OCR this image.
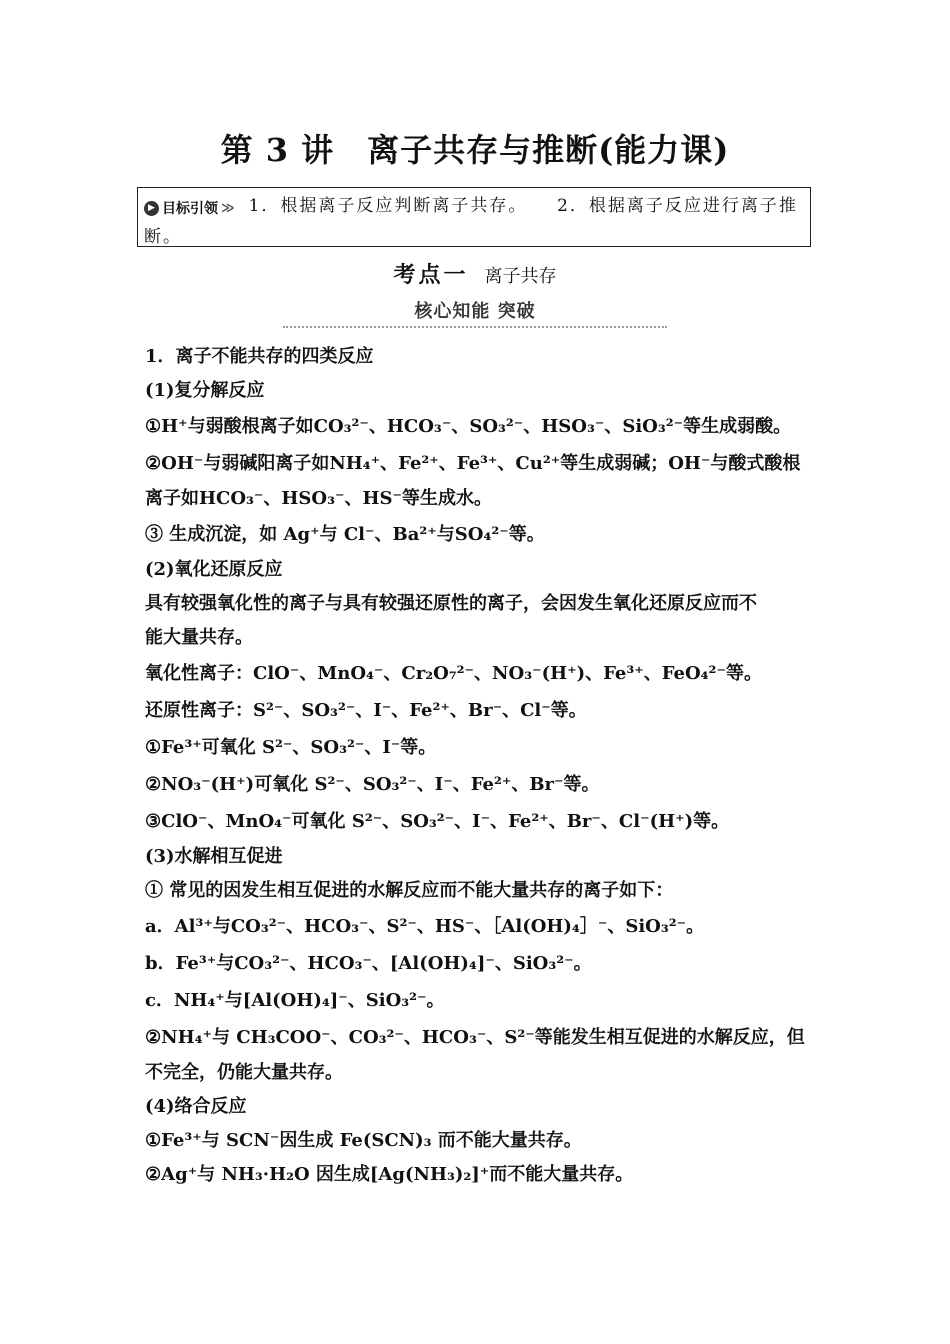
第 3 讲　离子共存与推断(能力课)
▶ 目标引领 ≫ 1．根据离子反应判断离子共存。 2．根据离子反应进行离子推
断。
考点一 离子共存
核心知能 突破
1．离子不能共存的四类反应
(1)复分解反应
①H⁺与弱酸根离子如CO₃²⁻、HCO₃⁻、SO₃²⁻、HSO₃⁻、SiO₃²⁻等生成弱酸。
②OH⁻与弱碱阳离子如NH₄⁺、Fe²⁺、Fe³⁺、Cu²⁺等生成弱碱；OH⁻与酸式酸根
离子如HCO₃⁻、HSO₃⁻、HS⁻等生成水。
③ 生成沉淀，如 Ag⁺与 Cl⁻、Ba²⁺与SO₄²⁻等。
(2)氧化还原反应
具有较强氧化性的离子与具有较强还原性的离子，会因发生氧化还原反应而不
能大量共存。
氧化性离子：ClO⁻、MnO₄⁻、Cr₂O₇²⁻、NO₃⁻(H⁺)、Fe³⁺、FeO₄²⁻等。
还原性离子：S²⁻、SO₃²⁻、I⁻、Fe²⁺、Br⁻、Cl⁻等。
①Fe³⁺可氧化 S²⁻、SO₃²⁻、I⁻等。
②NO₃⁻(H⁺)可氧化 S²⁻、SO₃²⁻、I⁻、Fe²⁺、Br⁻等。
③ClO⁻、MnO₄⁻可氧化 S²⁻、SO₃²⁻、I⁻、Fe²⁺、Br⁻、Cl⁻(H⁺)等。
(3)水解相互促进
① 常见的因发生相互促进的水解反应而不能大量共存的离子如下：
a．Al³⁺与CO₃²⁻、HCO₃⁻、S²⁻、HS⁻、［Al(OH)₄］⁻、SiO₃²⁻。
b．Fe³⁺与CO₃²⁻、HCO₃⁻、[Al(OH)₄]⁻、SiO₃²⁻。
c．NH₄⁺与[Al(OH)₄]⁻、SiO₃²⁻。
②NH₄⁺与 CH₃COO⁻、CO₃²⁻、HCO₃⁻、S²⁻等能发生相互促进的水解反应，但
不完全，仍能大量共存。
(4)络合反应
①Fe³⁺与 SCN⁻因生成 Fe(SCN)₃ 而不能大量共存。
②Ag⁺与 NH₃·H₂O 因生成[Ag(NH₃)₂]⁺而不能大量共存。
